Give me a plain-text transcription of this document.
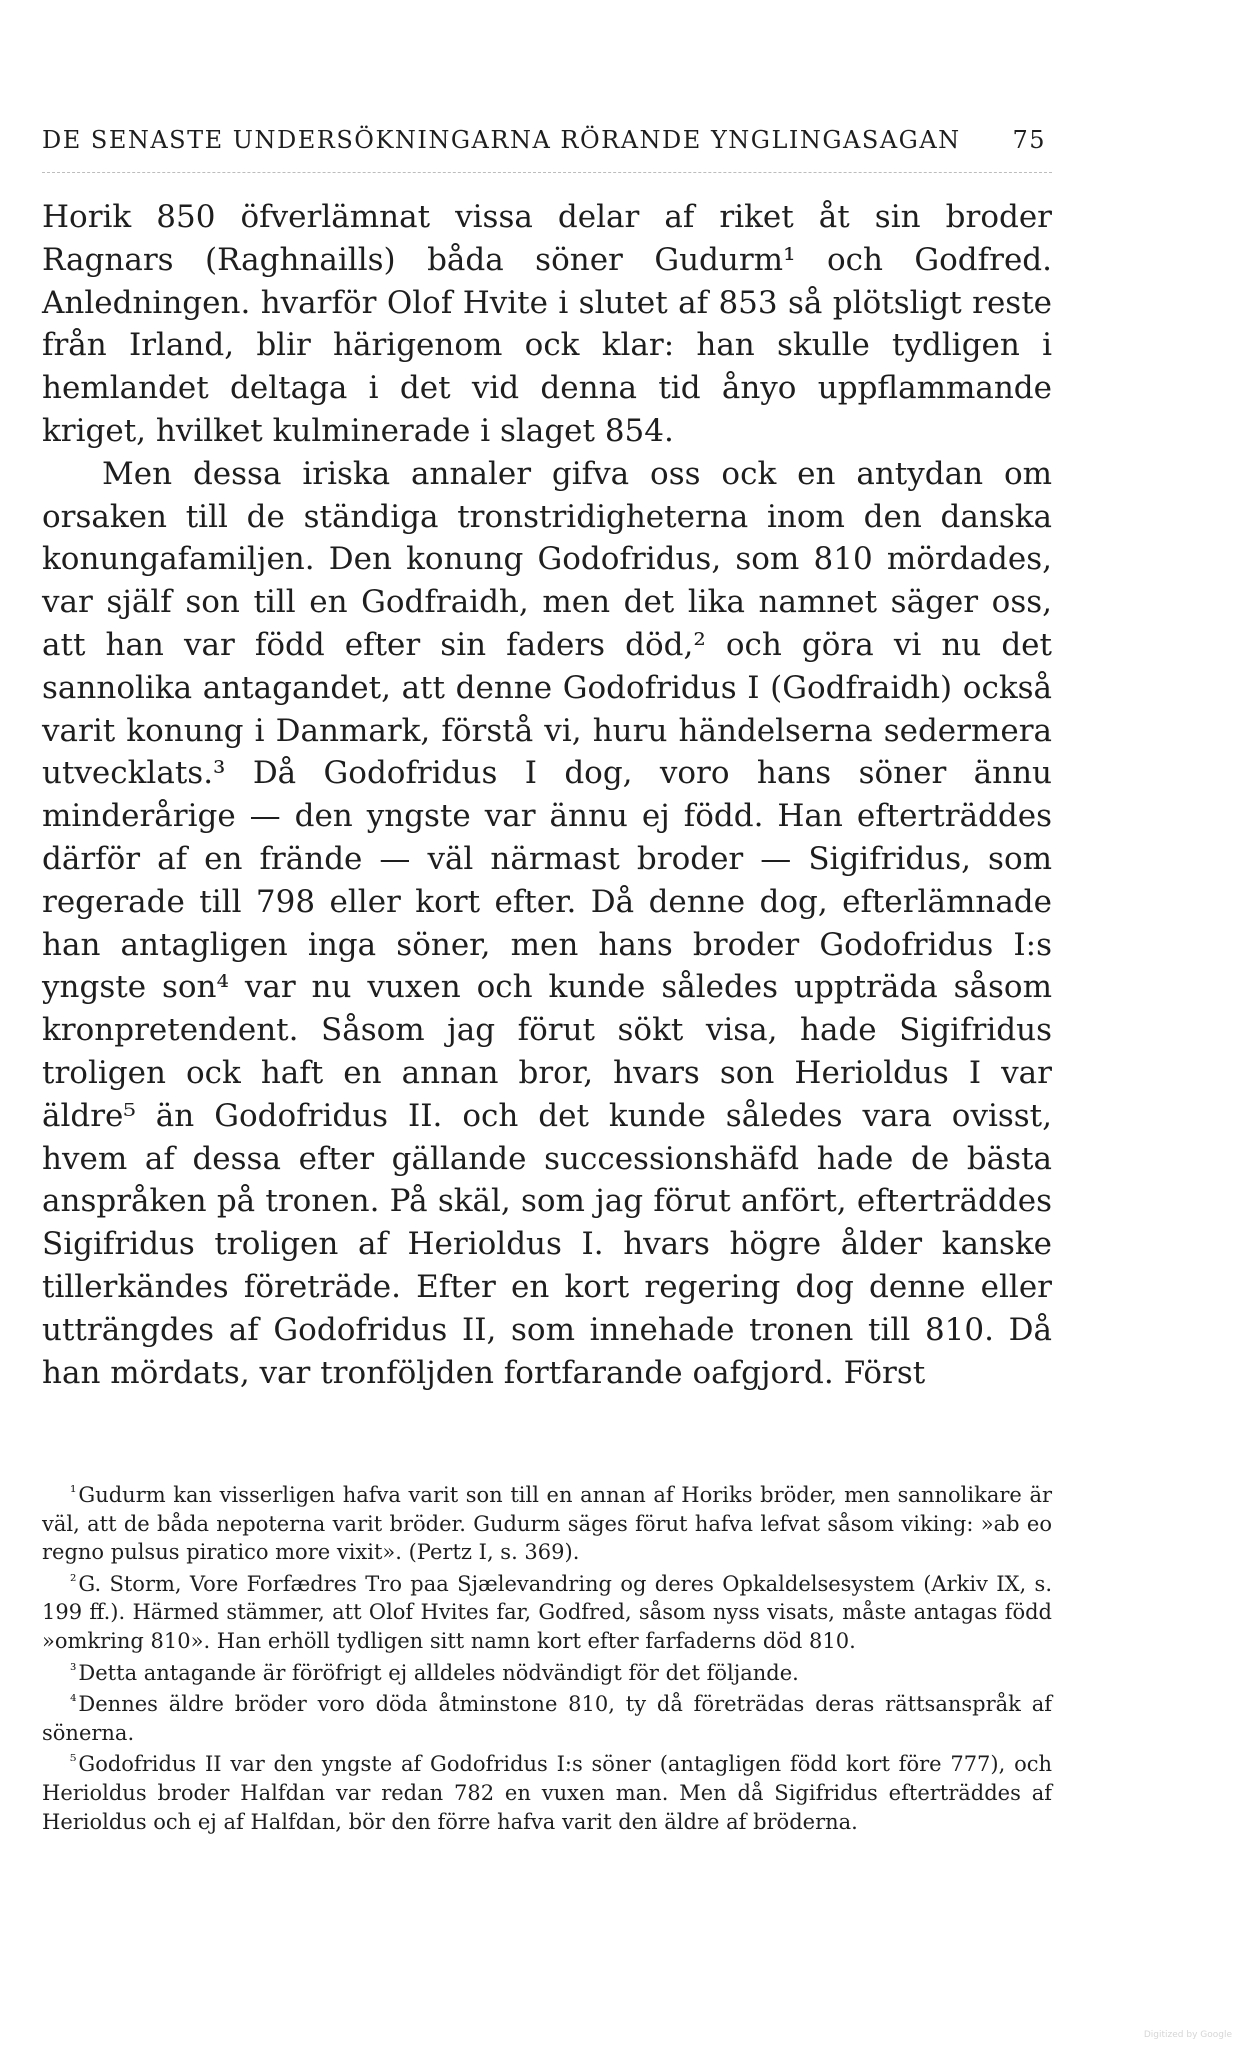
DE SENASTE UNDERSÖKNINGARNA RÖRANDE YNGLINGASAGAN 75

Horik 850 öfverlämnat vissa delar af riket åt sin broder Ragnars (Raghnaills) båda söner Gudurm¹ och Godfred. Anledningen. hvarför Olof Hvite i slutet af 853 så plötsligt reste från Irland, blir härigenom ock klar: han skulle tydligen i hemlandet deltaga i det vid denna tid ånyo uppflammande kriget, hvilket kulminerade i slaget 854.

Men dessa iriska annaler gifva oss ock en antydan om orsaken till de ständiga tronstridigheterna inom den danska konungafamiljen. Den konung Godofridus, som 810 mördades, var själf son till en Godfraidh, men det lika namnet säger oss, att han var född efter sin faders död,² och göra vi nu det sannolika antagandet, att denne Godofridus I (Godfraidh) också varit konung i Danmark, förstå vi, huru händelserna sedermera utvecklats.³ Då Godofridus I dog, voro hans söner ännu minderårige — den yngste var ännu ej född. Han efterträddes därför af en frände — väl närmast broder — Sigifridus, som regerade till 798 eller kort efter. Då denne dog, efterlämnade han antagligen inga söner, men hans broder Godofridus I:s yngste son⁴ var nu vuxen och kunde således uppträda såsom kronpretendent. Såsom jag förut sökt visa, hade Sigifridus troligen ock haft en annan bror, hvars son Herioldus I var äldre⁵ än Godofridus II. och det kunde således vara ovisst, hvem af dessa efter gällande successionshäfd hade de bästa anspråken på tronen. På skäl, som jag förut anfört, efterträddes Sigifridus troligen af Herioldus I. hvars högre ålder kanske tillerkändes företräde. Efter en kort regering dog denne eller utträngdes af Godofridus II, som innehade tronen till 810. Då han mördats, var tronföljden fortfarande oafgjord. Först

$^{^1}$Gudurm kan visserligen hafva varit son till en annan af Horiks bröder, men sannolikare är väl, att de båda nepoterna varit bröder. Gudurm säges förut hafva lefvat såsom viking: »ab eo regno pulsus piratico more vixit». (Pertz I, s. 369).

$^{^2}$G. Storm, Vore Forfædres Tro paa Sjælevandring og deres Opkaldelsesystem (Arkiv IX, s. 199 ff.). Härmed stämmer, att Olof Hvites far, Godfred, såsom nyss visats, måste antagas född »omkring 810». Han erhöll tydligen sitt namn kort efter farfaderns död 810.

$^{^3}$Detta antagande är föröfrigt ej alldeles nödvändigt för det följande.

$^{^4}$Dennes äldre bröder voro döda åtminstone 810, ty då företrädas deras rättsanspråk af sönerna.

$^{^5}$Godofridus II var den yngste af Godofridus I:s söner (antagligen född kort före 777), och Herioldus broder Halfdan var redan 782 en vuxen man. Men då Sigifridus efterträddes af Herioldus och ej af Halfdan, bör den förre hafva varit den äldre af bröderna.

Digitized by Google
